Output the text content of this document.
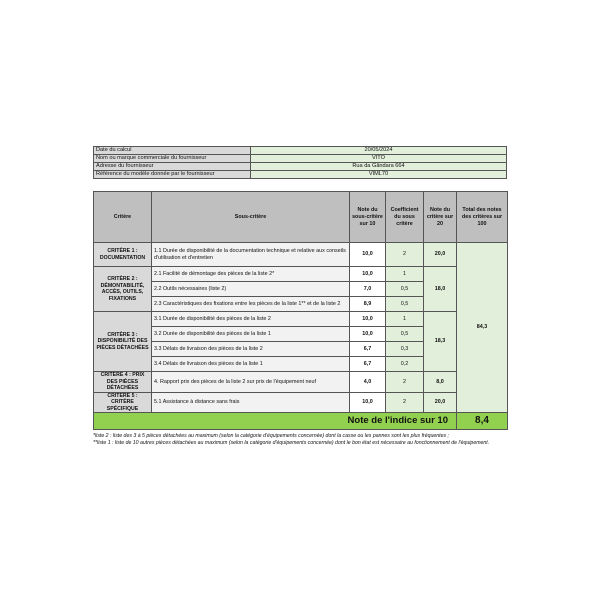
Date du calcul	20/05/2024
Nom ou marque commerciale du fournisseur	VITO
Adresse du fournisseur	Rua da Gândara 664
Référence du modèle donnée par le fournisseur	VIML70
Critère	Sous-critère	Note du sous-critère sur 10	Coefficient du sous critère	Note du critère sur 20	Total des notes des critères sur 100
CRITÈRE 1 : DOCUMENTATION	1.1 Durée de disponibilité de la documentation technique et relative aux conseils d'utilisation et d'entretien	10,0	2	20,0	84,3
CRITÈRE 2 : DÉMONTABILITÉ, ACCÈS, OUTILS, FIXATIONS	2.1 Facilité de démontage des pièces de la liste 2*	10,0	1	18,0	
	2.2 Outils nécessaires (liste 2)	7,0	0,5		
	2.3 Caractéristiques des fixations entre les pièces de la liste 1** et de la liste 2	8,9	0,5		
CRITÈRE 3 : DISPONIBILITÉ DES PIÈCES DÉTACHÉES	3.1 Durée de disponibilité des pièces de la liste 2	10,0	1	18,3	
	3.2 Durée de disponibilité des pièces de la liste 1	10,0	0,5		
	3.3 Délais de livraison des pièces de la liste 2	6,7	0,3		
	3.4 Délais de livraison des pièces de la liste 1	6,7	0,2		
CRITÈRE 4 : PRIX DES PIÈCES DÉTACHÉES	4. Rapport prix des pièces de la liste 2 sur prix de l'équipement neuf	4,0	2	8,0	
CRITÈRE 5 : CRITÈRE SPÉCIFIQUE	5.1 Assistance à distance sans frais	10,0	2	20,0	
Note de l'indice sur 10					8,4
*liste 2 : liste des 3 à 5 pièces détachées au maximum (selon la catégorie d'équipements concernée) dont la casse ou les pannes sont les plus fréquentes ;
**liste 1 : liste de 10 autres pièces détachées au maximum (selon la catégorie d'équipements concernée) dont le bon état est nécessaire au fonctionnement de l'équipement.
